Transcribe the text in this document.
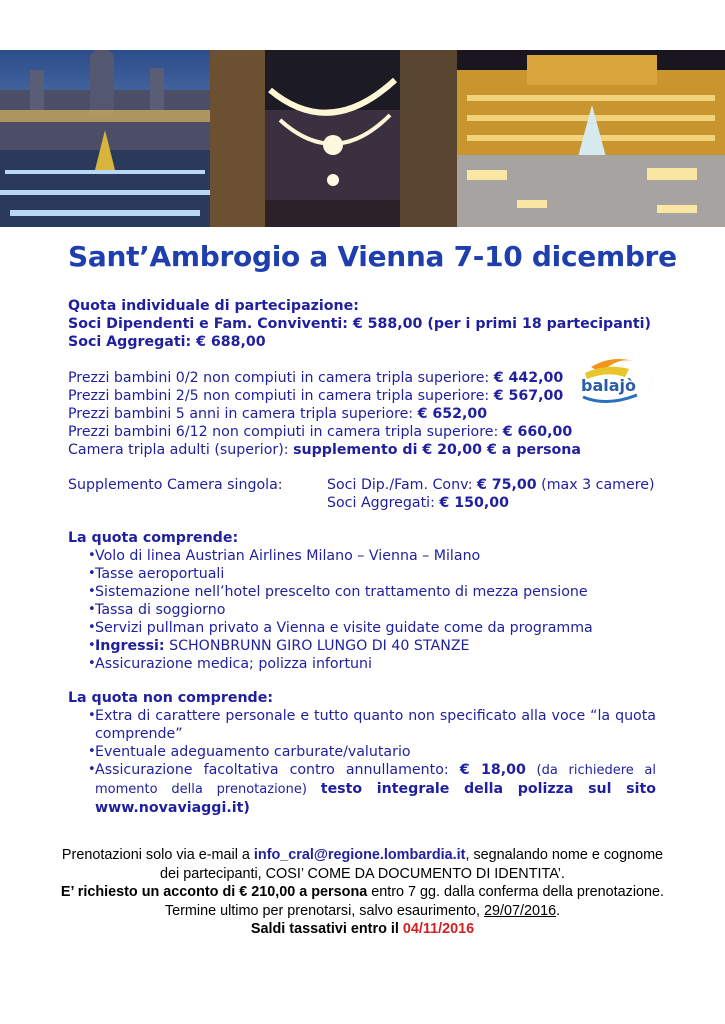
Sant’Ambrogio a Vienna 7-10 dicembre
Quota individuale di partecipazione:
Soci Dipendenti e Fam. Conviventi: € 588,00 (per i primi 18 partecipanti)
Soci Aggregati: € 688,00
Prezzi bambini 0/2 non compiuti in camera tripla superiore: € 442,00
Prezzi bambini 2/5 non compiuti in camera tripla superiore: € 567,00
Prezzi bambini 5 anni in camera tripla superiore: € 652,00
Prezzi bambini 6/12 non compiuti in camera tripla superiore: € 660,00
Camera tripla adulti (superior): supplemento di € 20,00 € a persona
balajò
Supplemento Camera singola:	Soci Dip./Fam. Conv: € 75,00 (max 3 camere)
Soci Aggregati: € 150,00
La quota comprende:
• Volo di linea Austrian Airlines Milano – Vienna – Milano
• Tasse aeroportuali
• Sistemazione nell’hotel prescelto con trattamento di mezza pensione
• Tassa di soggiorno
• Servizi pullman privato a Vienna e visite guidate come da programma
• Ingressi: SCHONBRUNN GIRO LUNGO DI 40 STANZE
• Assicurazione medica; polizza infortuni
La quota non comprende:
• Extra di carattere personale e tutto quanto non specificato alla voce “la quota comprende”
• Eventuale adeguamento carburate/valutario
• Assicurazione facoltativa contro annullamento: € 18,00 (da richiedere al momento della prenotazione) testo integrale della polizza sul sito www.novaviaggi.it)
Prenotazioni solo via e-mail a info_cral@regione.lombardia.it, segnalando nome e cognome dei partecipanti, COSI’ COME DA DOCUMENTO DI IDENTITA’.
E’ richiesto un acconto di € 210,00 a persona entro 7 gg. dalla conferma della prenotazione.
Termine ultimo per prenotarsi, salvo esaurimento, 29/07/2016.
Saldi tassativi entro il 04/11/2016
